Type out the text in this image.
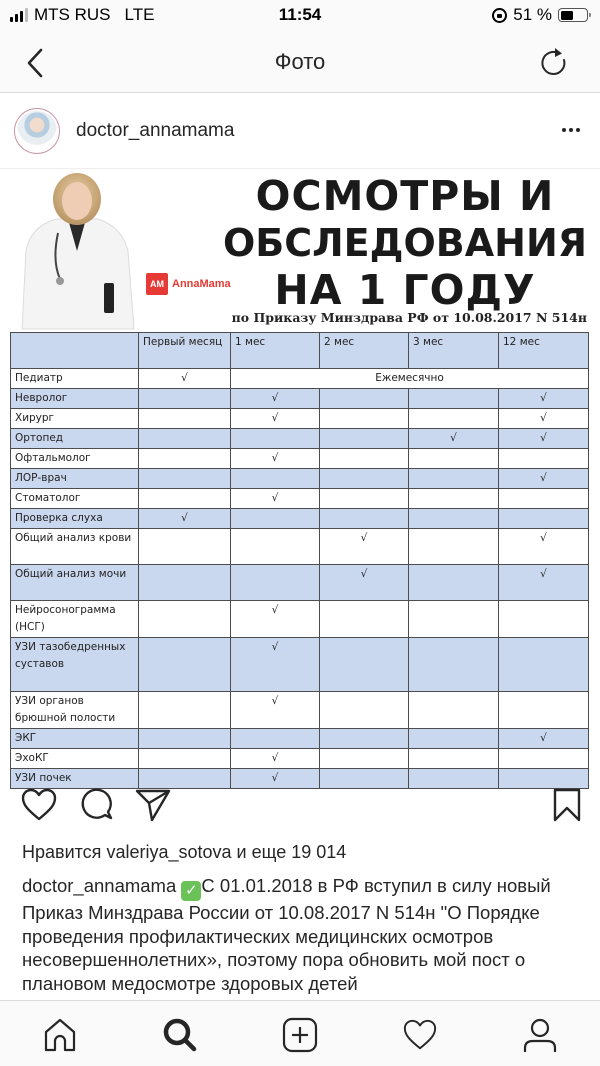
MTS RUS LTE	11:54	51 %
Фото
doctor_annamama
AM AnnaMama
ОСМОТРЫ И
ОБСЛЕДОВАНИЯ
НА 1 ГОДУ
по Приказу Минздрава РФ от 10.08.2017 N 514н
	Первый месяц	1 мес	2 мес	3 мес	12 мес
Педиатр	√	Ежемесячно			
Невролог		√			√
Хирург		√			√
Ортопед				√	√
Офтальмолог		√			
ЛОР-врач					√
Стоматолог		√			
Проверка слуха	√				
Общий анализ крови			√		√
Общий анализ мочи			√		√
Нейросонограмма (НСГ)		√			
УЗИ тазобедренных суставов		√			
УЗИ органов брюшной полости		√			
ЭКГ					√
ЭхоКГ		√			
УЗИ почек		√			
Нравится valeriya_sotova и еще 19 014
doctor_annamama ✓ С 01.01.2018 в РФ вступил в силу новый Приказ Минздрава России от 10.08.2017 N 514н "О Порядке проведения профилактических медицинских осмотров несовершеннолетних», поэтому пора обновить мой пост о плановом медосмотре здоровых детей
